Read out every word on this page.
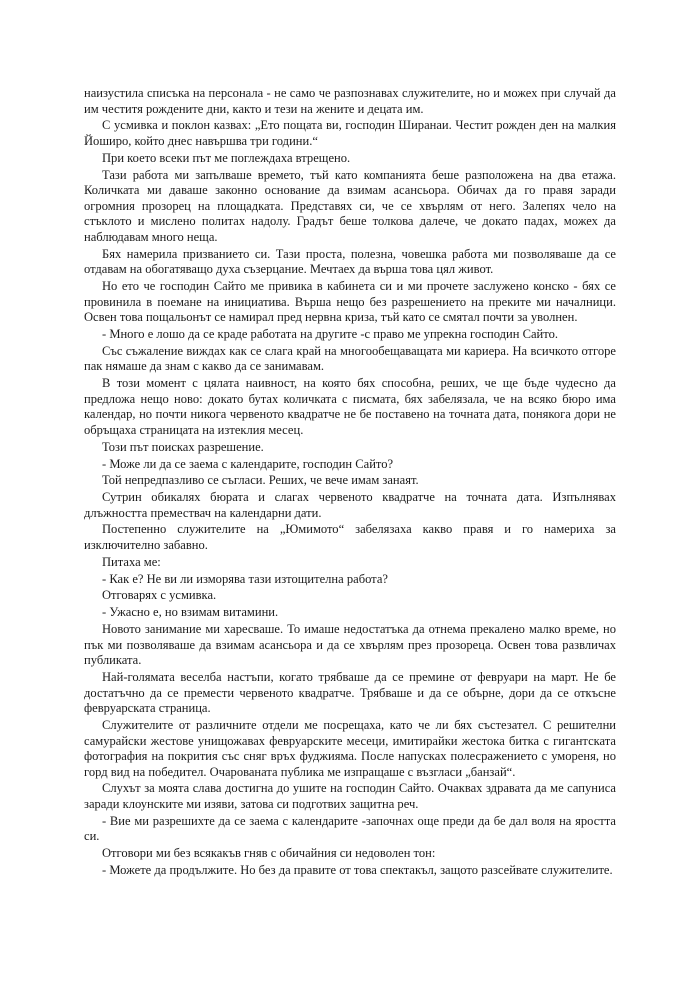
наизустила списъка на персонала - не само че разпознавах служителите, но и можех при случай да им честитя рождените дни, както и тези на жените и децата им.

С усмивка и поклон казвах: „Ето пощата ви, господин Ширанаи. Честит рожден ден на малкия Йоширо, който днес навършва три години.“

При което всеки път ме поглеждаха втрещено.

Тази работа ми запълваше времето, тъй като компанията беше разположена на два етажа. Количката ми даваше законно основание да взимам асансьора. Обичах да го правя заради огромния прозорец на площадката. Представях си, че се хвърлям от него. Залепях чело на стъклото и мислено политах надолу. Градът беше толкова далече, че докато падах, можех да наблюдавам много неща.

Бях намерила призванието си. Тази проста, полезна, човешка работа ми позволяваше да се отдавам на обогатяващо духа съзерцание. Мечтаех да върша това цял живот.

Но ето че господин Сайто ме привика в кабинета си и ми прочете заслужено конско - бях се провинила в поемане на инициатива. Върша нещо без разрешението на преките ми началници. Освен това пощальонът се намирал пред нервна криза, тъй като се смятал почти за уволнен.

- Много е лошо да се краде работата на другите -с право ме упрекна господин Сайто.

Със съжаление виждах как се слага край на многообещаващата ми кариера. На всичкото отгоре пак нямаше да знам с какво да се занимавам.

В този момент с цялата наивност, на която бях способна, реших, че ще бъде чудесно да предложа нещо ново: докато бутах количката с писмата, бях забелязала, че на всяко бюро има календар, но почти никога червеното квадратче не бе поставено на точната дата, понякога дори не обръщаха страницата на изтеклия месец.

Този път поисках разрешение.

- Може ли да се заема с календарите, господин Сайто?

Той непредпазливо се съгласи. Реших, че вече имам занаят.

Сутрин обикалях бюрата и слагах червеното квадратче на точната дата. Изпълнявах длъжността премествач на календарни дати.

Постепенно служителите на „Юмимото“ забелязаха какво правя и го намериха за изключително забавно.

Питаха ме:

- Как е? Не ви ли изморява тази изтощителна работа?

Отговарях с усмивка.

- Ужасно е, но взимам витамини.

Новото занимание ми харесваше. То имаше недостатъка да отнема прекалено малко време, но пък ми позволяваше да взимам асансьора и да се хвърлям през прозореца. Освен това развличах публиката.

Най-голямата веселба настъпи, когато трябваше да се премине от февруари на март. Не бе достатъчно да се премести червеното квадратче. Трябваше и да се обърне, дори да се откъсне февруарската страница.

Служителите от различните отдели ме посрещаха, като че ли бях състезател. С решителни самурайски жестове унищожавах февруарските месеци, имитирайки жестока битка с гигантската фотография на покрития със сняг връх фуджияма. После напусках полесражението с умореня, но горд вид на победител. Очарованата публика ме изпращаше с възгласи „банзай“.

Слухът за моята слава достигна до ушите на господин Сайто. Очаквах здравата да ме сапуниса заради клоунските ми изяви, затова си подготвих защитна реч.

- Вие ми разрешихте да се заема с календарите -започнах още преди да бе дал воля на яростта си.

Отговори ми без всякакъв гняв с обичайния си недоволен тон:

- Можете да продължите. Но без да правите от това спектакъл, защото разсейвате служителите.
